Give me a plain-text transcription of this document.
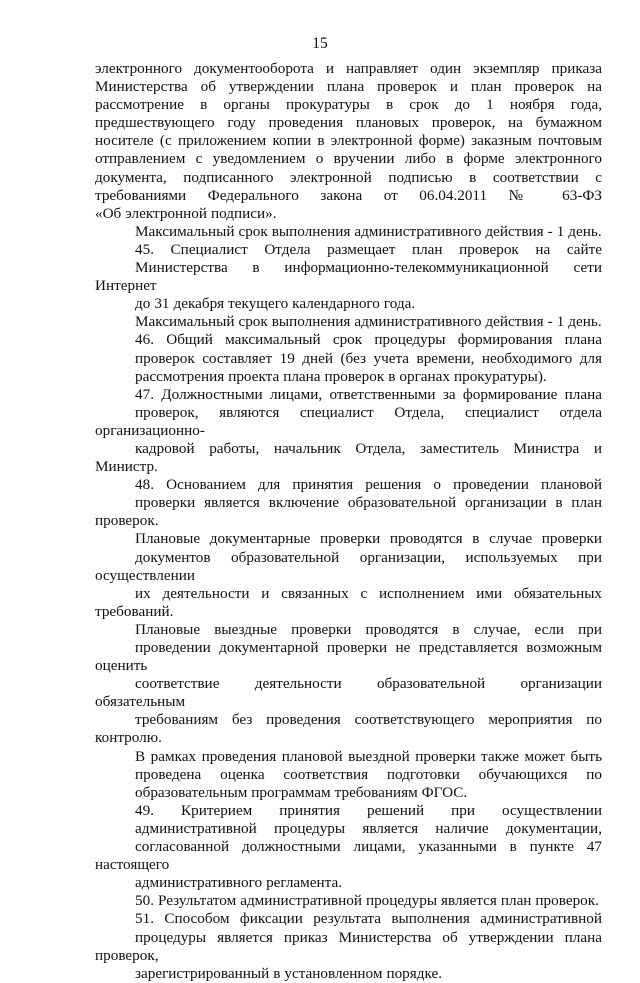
15

электронного документооборота и направляет один экземпляр приказа
Министерства об утверждении плана проверок и план проверок на
рассмотрение в органы прокуратуры в срок до 1 ноября года,
предшествующего году проведения плановых проверок, на бумажном
носителе (с приложением копии в электронной форме) заказным почтовым
отправлением с уведомлением о вручении либо в форме электронного
документа, подписанного электронной подписью в соответствии с
требованиями Федерального закона от 06.04.2011 № 63-ФЗ
«Об электронной подписи».

Максимальный срок выполнения административного действия - 1 день.

45. Специалист Отдела размещает план проверок на сайте
Министерства в информационно-телекоммуникационной сети Интернет
до 31 декабря текущего календарного года.

Максимальный срок выполнения административного действия - 1 день.

46. Общий максимальный срок процедуры формирования плана
проверок составляет 19 дней (без учета времени, необходимого для
рассмотрения проекта плана проверок в органах прокуратуры).

47. Должностными лицами, ответственными за формирование плана
проверок, являются специалист Отдела, специалист отдела организационно-
кадровой работы, начальник Отдела, заместитель Министра и Министр.

48. Основанием для принятия решения о проведении плановой
проверки является включение образовательной организации в план проверок.

Плановые документарные проверки проводятся в случае проверки
документов образовательной организации, используемых при осуществлении
их деятельности и связанных с исполнением ими обязательных требований.

Плановые выездные проверки проводятся в случае, если при
проведении документарной проверки не представляется возможным оценить
соответствие деятельности образовательной организации обязательным
требованиям без проведения соответствующего мероприятия по контролю.

В рамках проведения плановой выездной проверки также может быть
проведена оценка соответствия подготовки обучающихся по
образовательным программам требованиям ФГОС.

49. Критерием принятия решений при осуществлении
административной процедуры является наличие документации,
согласованной должностными лицами, указанными в пункте 47 настоящего
административного регламента.

50. Результатом административной процедуры является план проверок.

51. Способом фиксации результата выполнения административной
процедуры является приказ Министерства об утверждении плана проверок,
зарегистрированный в установленном порядке.
